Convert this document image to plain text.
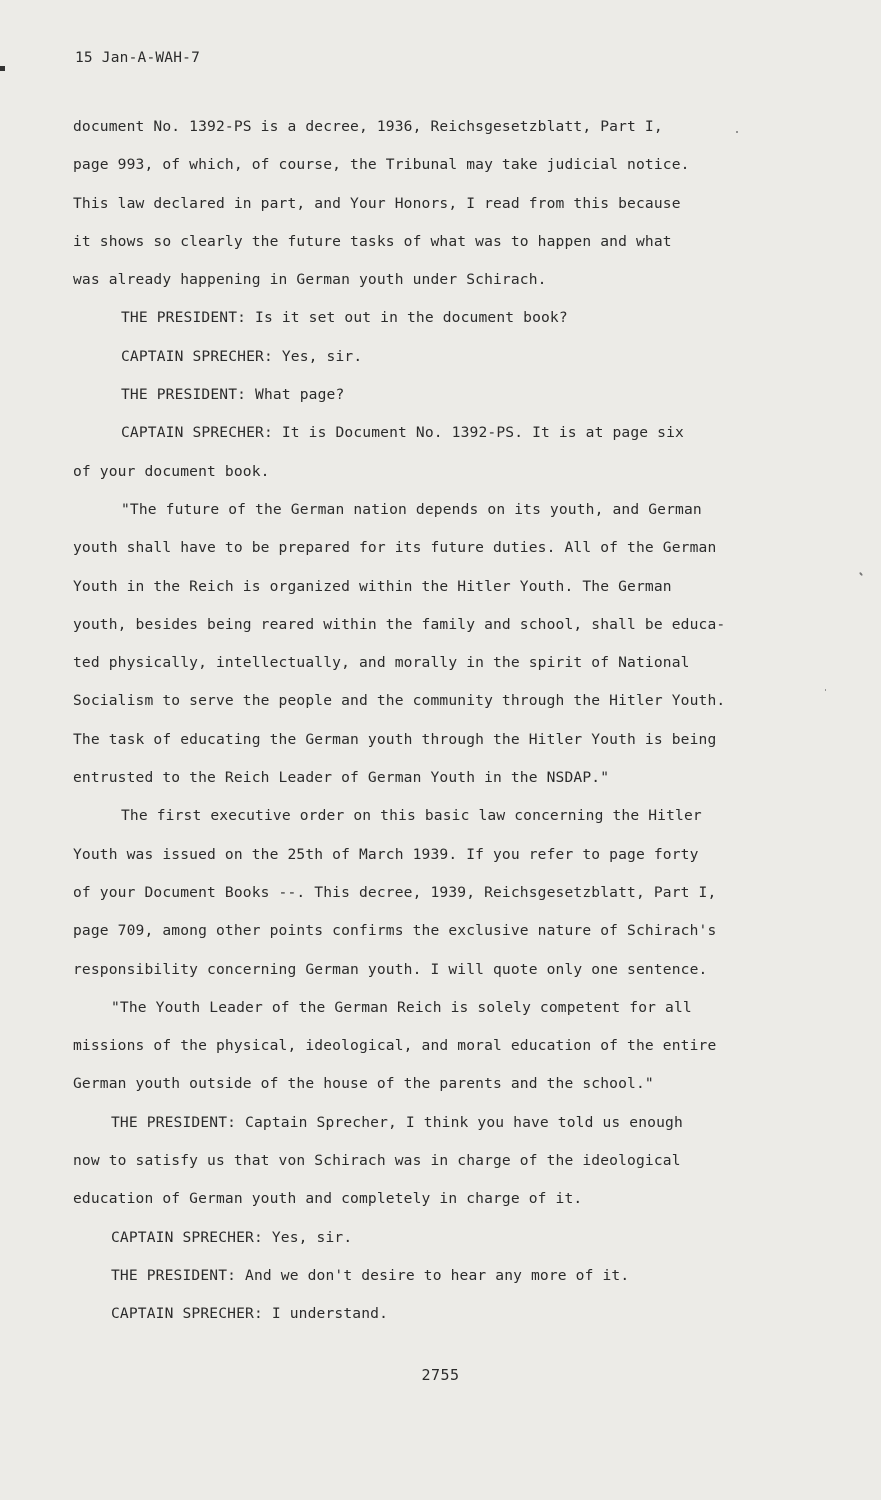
15 Jan-A-WAH-7
document No. 1392-PS is a decree, 1936, Reichsgesetzblatt, Part I,
page 993, of which, of course, the Tribunal may take judicial notice.
This law declared in part, and Your Honors, I read from this because
it shows so clearly the future tasks of what was to happen and what
was already happening in German youth under Schirach.
THE PRESIDENT: Is it set out in the document book?
CAPTAIN SPRECHER: Yes, sir.
THE PRESIDENT: What page?
CAPTAIN SPRECHER: It is Document No. 1392-PS. It is at page six
of your document book.
"The future of the German nation depends on its youth, and German
youth shall have to be prepared for its future duties. All of the German
Youth in the Reich is organized within the Hitler Youth. The German
youth, besides being reared within the family and school, shall be educa-
ted physically, intellectually, and morally in the spirit of National
Socialism to serve the people and the community through the Hitler Youth.
The task of educating the German youth through the Hitler Youth is being
entrusted to the Reich Leader of German Youth in the NSDAP."
The first executive order on this basic law concerning the Hitler
Youth was issued on the 25th of March 1939. If you refer to page forty
of your Document Books --. This decree, 1939, Reichsgesetzblatt, Part I,
page 709, among other points confirms the exclusive nature of Schirach's
responsibility concerning German youth. I will quote only one sentence.
"The Youth Leader of the German Reich is solely competent for all
missions of the physical, ideological, and moral education of the entire
German youth outside of the house of the parents and the school."
THE PRESIDENT: Captain Sprecher, I think you have told us enough
now to satisfy us that von Schirach was in charge of the ideological
education of German youth and completely in charge of it.
CAPTAIN SPRECHER: Yes, sir.
THE PRESIDENT: And we don't desire to hear any more of it.
CAPTAIN SPRECHER: I understand.
2755
